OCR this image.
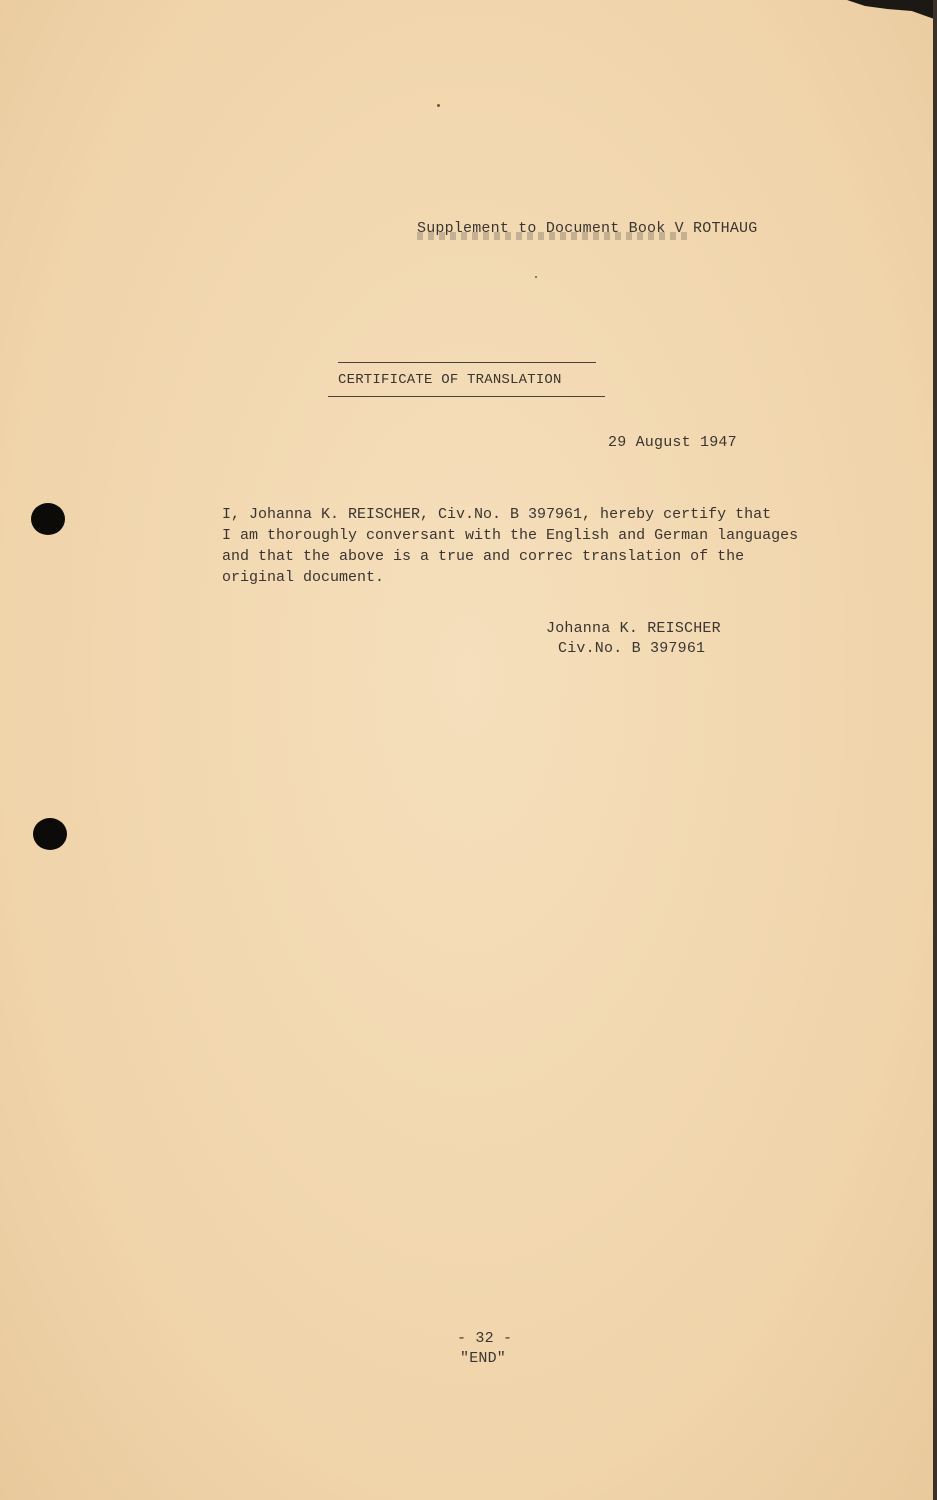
Supplement to Document Book V ROTHAUG
CERTIFICATE OF TRANSLATION
29 August 1947
I, Johanna K. REISCHER, Civ.No. B 397961, hereby certify that
I am thoroughly conversant with the English and German languages
and that the above is a true and correc translation of the
original document.
Johanna K. REISCHER
Civ.No. B 397961
- 32 -
"END"
